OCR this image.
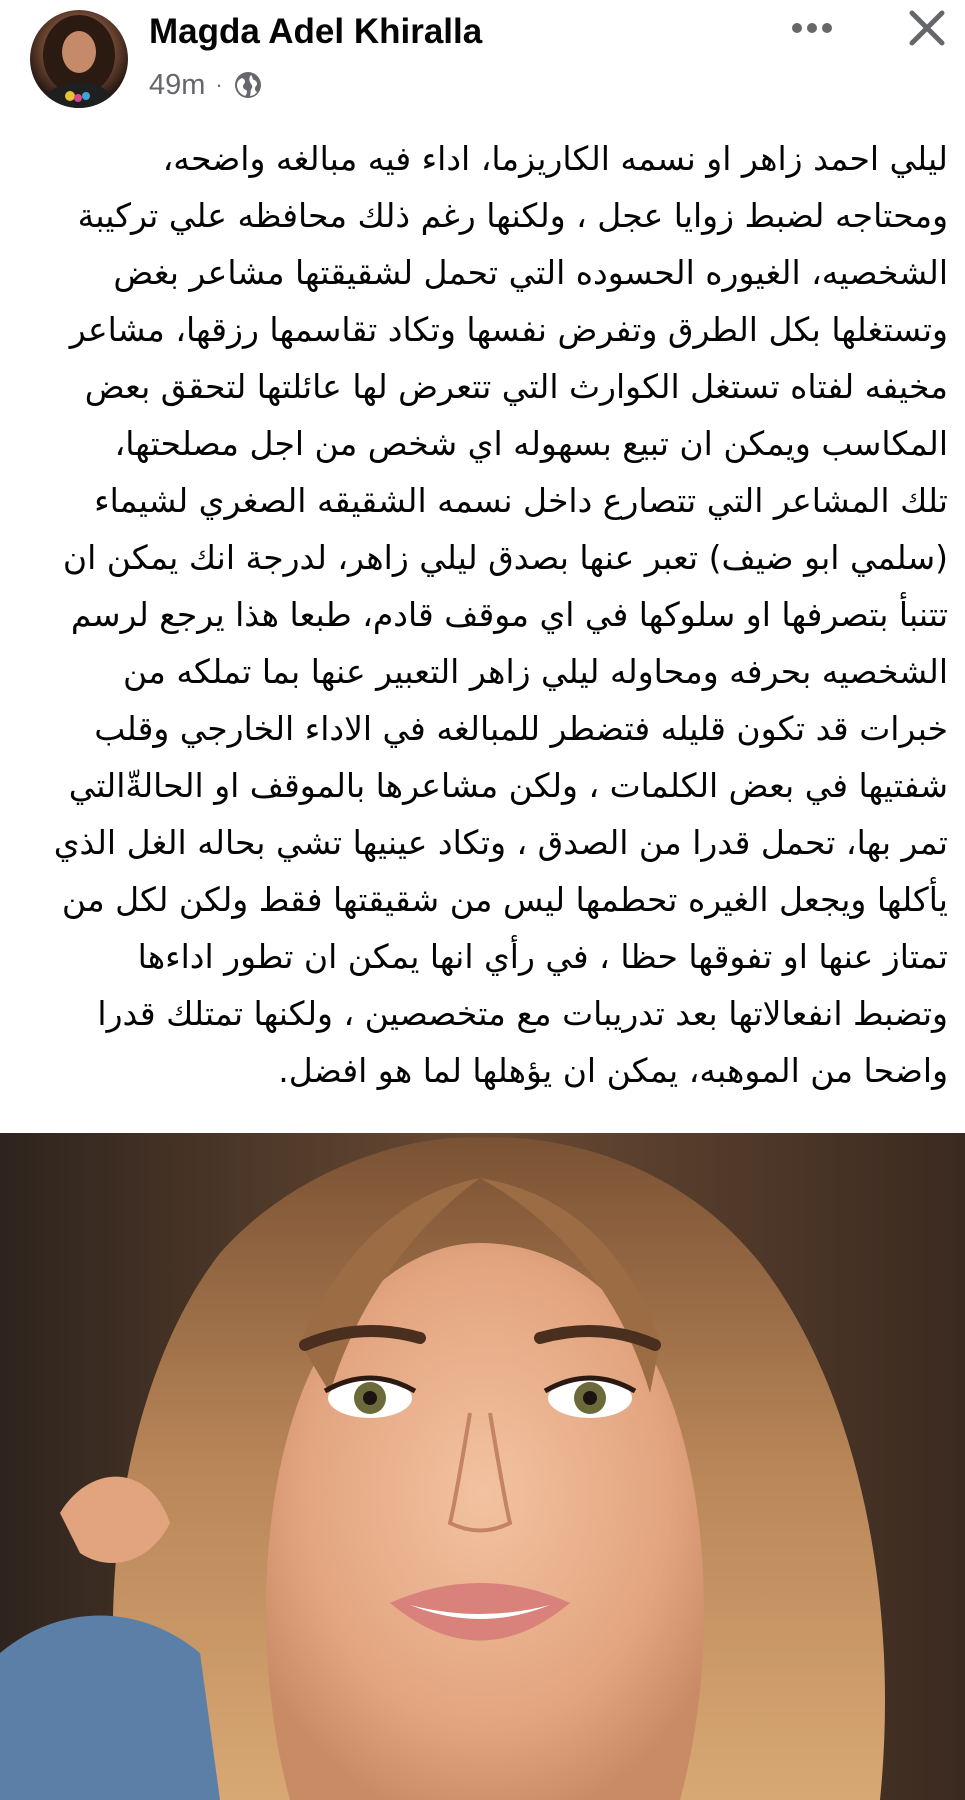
Magda Adel Khiralla
49m ·

ليلي احمد زاهر او نسمه الكاريزما، اداء فيه مبالغه واضحه،

ومحتاجه لضبط زوايا عجل ، ولكنها رغم ذلك محافظه علي تركيبة

الشخصيه، الغيوره الحسوده التي تحمل لشقيقتها مشاعر بغض

وتستغلها بكل الطرق وتفرض نفسها وتكاد تقاسمها رزقها، مشاعر

مخيفه لفتاه تستغل الكوارث التي تتعرض لها عائلتها لتحقق بعض

المكاسب ويمكن ان تبيع بسهوله اي شخص من اجل مصلحتها،

تلك المشاعر التي تتصارع داخل نسمه الشقيقه الصغري لشيماء

(سلمي ابو ضيف) تعبر عنها بصدق ليلي زاهر، لدرجة انك يمكن ان

تتنبأ بتصرفها او سلوكها في اي موقف قادم، طبعا هذا يرجع لرسم

الشخصيه بحرفه ومحاوله ليلي زاهر التعبير عنها بما تملكه من

خبرات قد تكون قليله فتضطر للمبالغه في الاداء الخارجي وقلب

شفتيها في بعض الكلمات ، ولكن مشاعرها بالموقف او الحالةّالتي

تمر بها، تحمل قدرا من الصدق ، وتكاد عينيها تشي بحاله الغل الذي

يأكلها ويجعل الغيره تحطمها ليس من شقيقتها فقط ولكن لكل من

تمتاز عنها او تفوقها حظا ، في رأي انها يمكن ان تطور اداءها

وتضبط انفعالاتها بعد تدريبات مع متخصصين ، ولكنها تمتلك قدرا

واضحا من الموهبه، يمكن ان يؤهلها لما هو افضل.
